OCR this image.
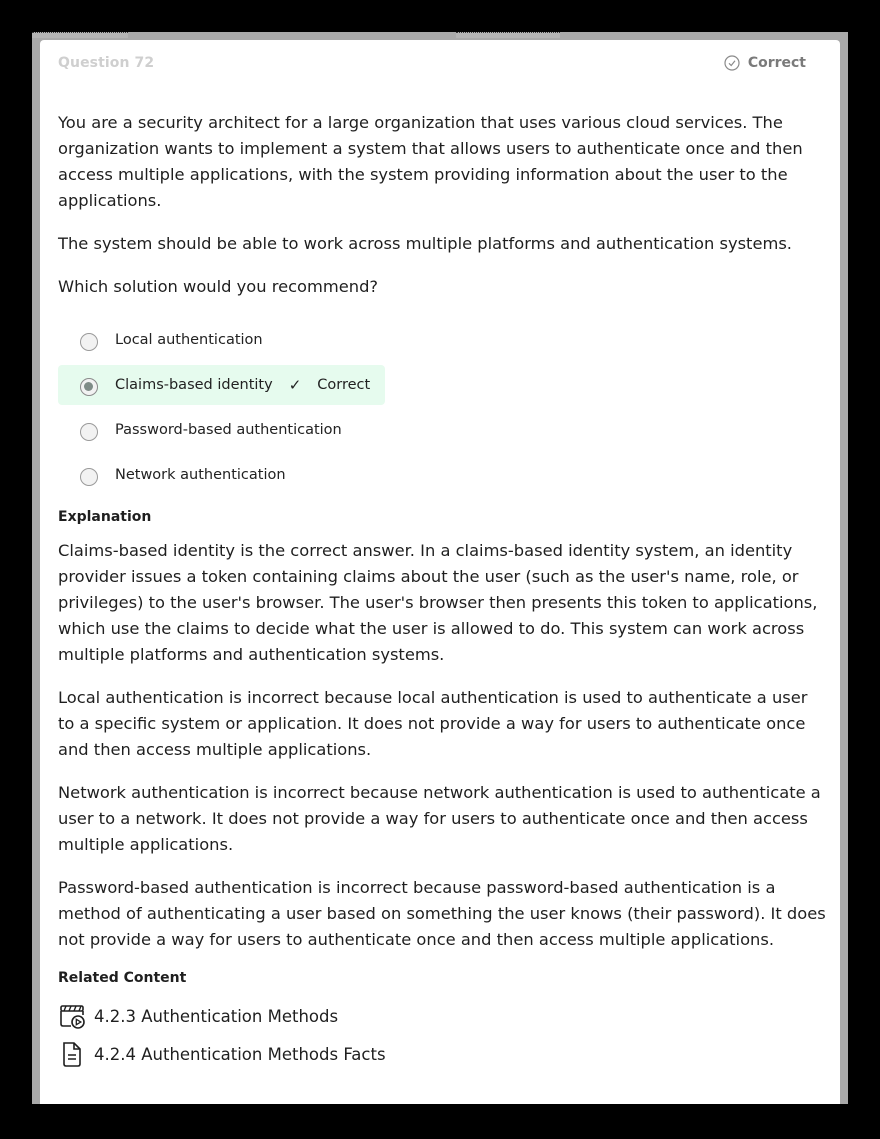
Question 72	Correct

You are a security architect for a large organization that uses various cloud services. The organization wants to implement a system that allows users to authenticate once and then access multiple applications, with the system providing information about the user to the applications.

The system should be able to work across multiple platforms and authentication systems.

Which solution would you recommend?

Local authentication
Claims-based identity ✓ Correct
Password-based authentication
Network authentication
Explanation

Claims-based identity is the correct answer. In a claims-based identity system, an identity provider issues a token containing claims about the user (such as the user's name, role, or privileges) to the user's browser. The user's browser then presents this token to applications, which use the claims to decide what the user is allowed to do. This system can work across multiple platforms and authentication systems.

Local authentication is incorrect because local authentication is used to authenticate a user to a specific system or application. It does not provide a way for users to authenticate once and then access multiple applications.

Network authentication is incorrect because network authentication is used to authenticate a user to a network. It does not provide a way for users to authenticate once and then access multiple applications.

Password-based authentication is incorrect because password-based authentication is a method of authenticating a user based on something the user knows (their password). It does not provide a way for users to authenticate once and then access multiple applications.

Related Content
4.2.3 Authentication Methods
4.2.4 Authentication Methods Facts
